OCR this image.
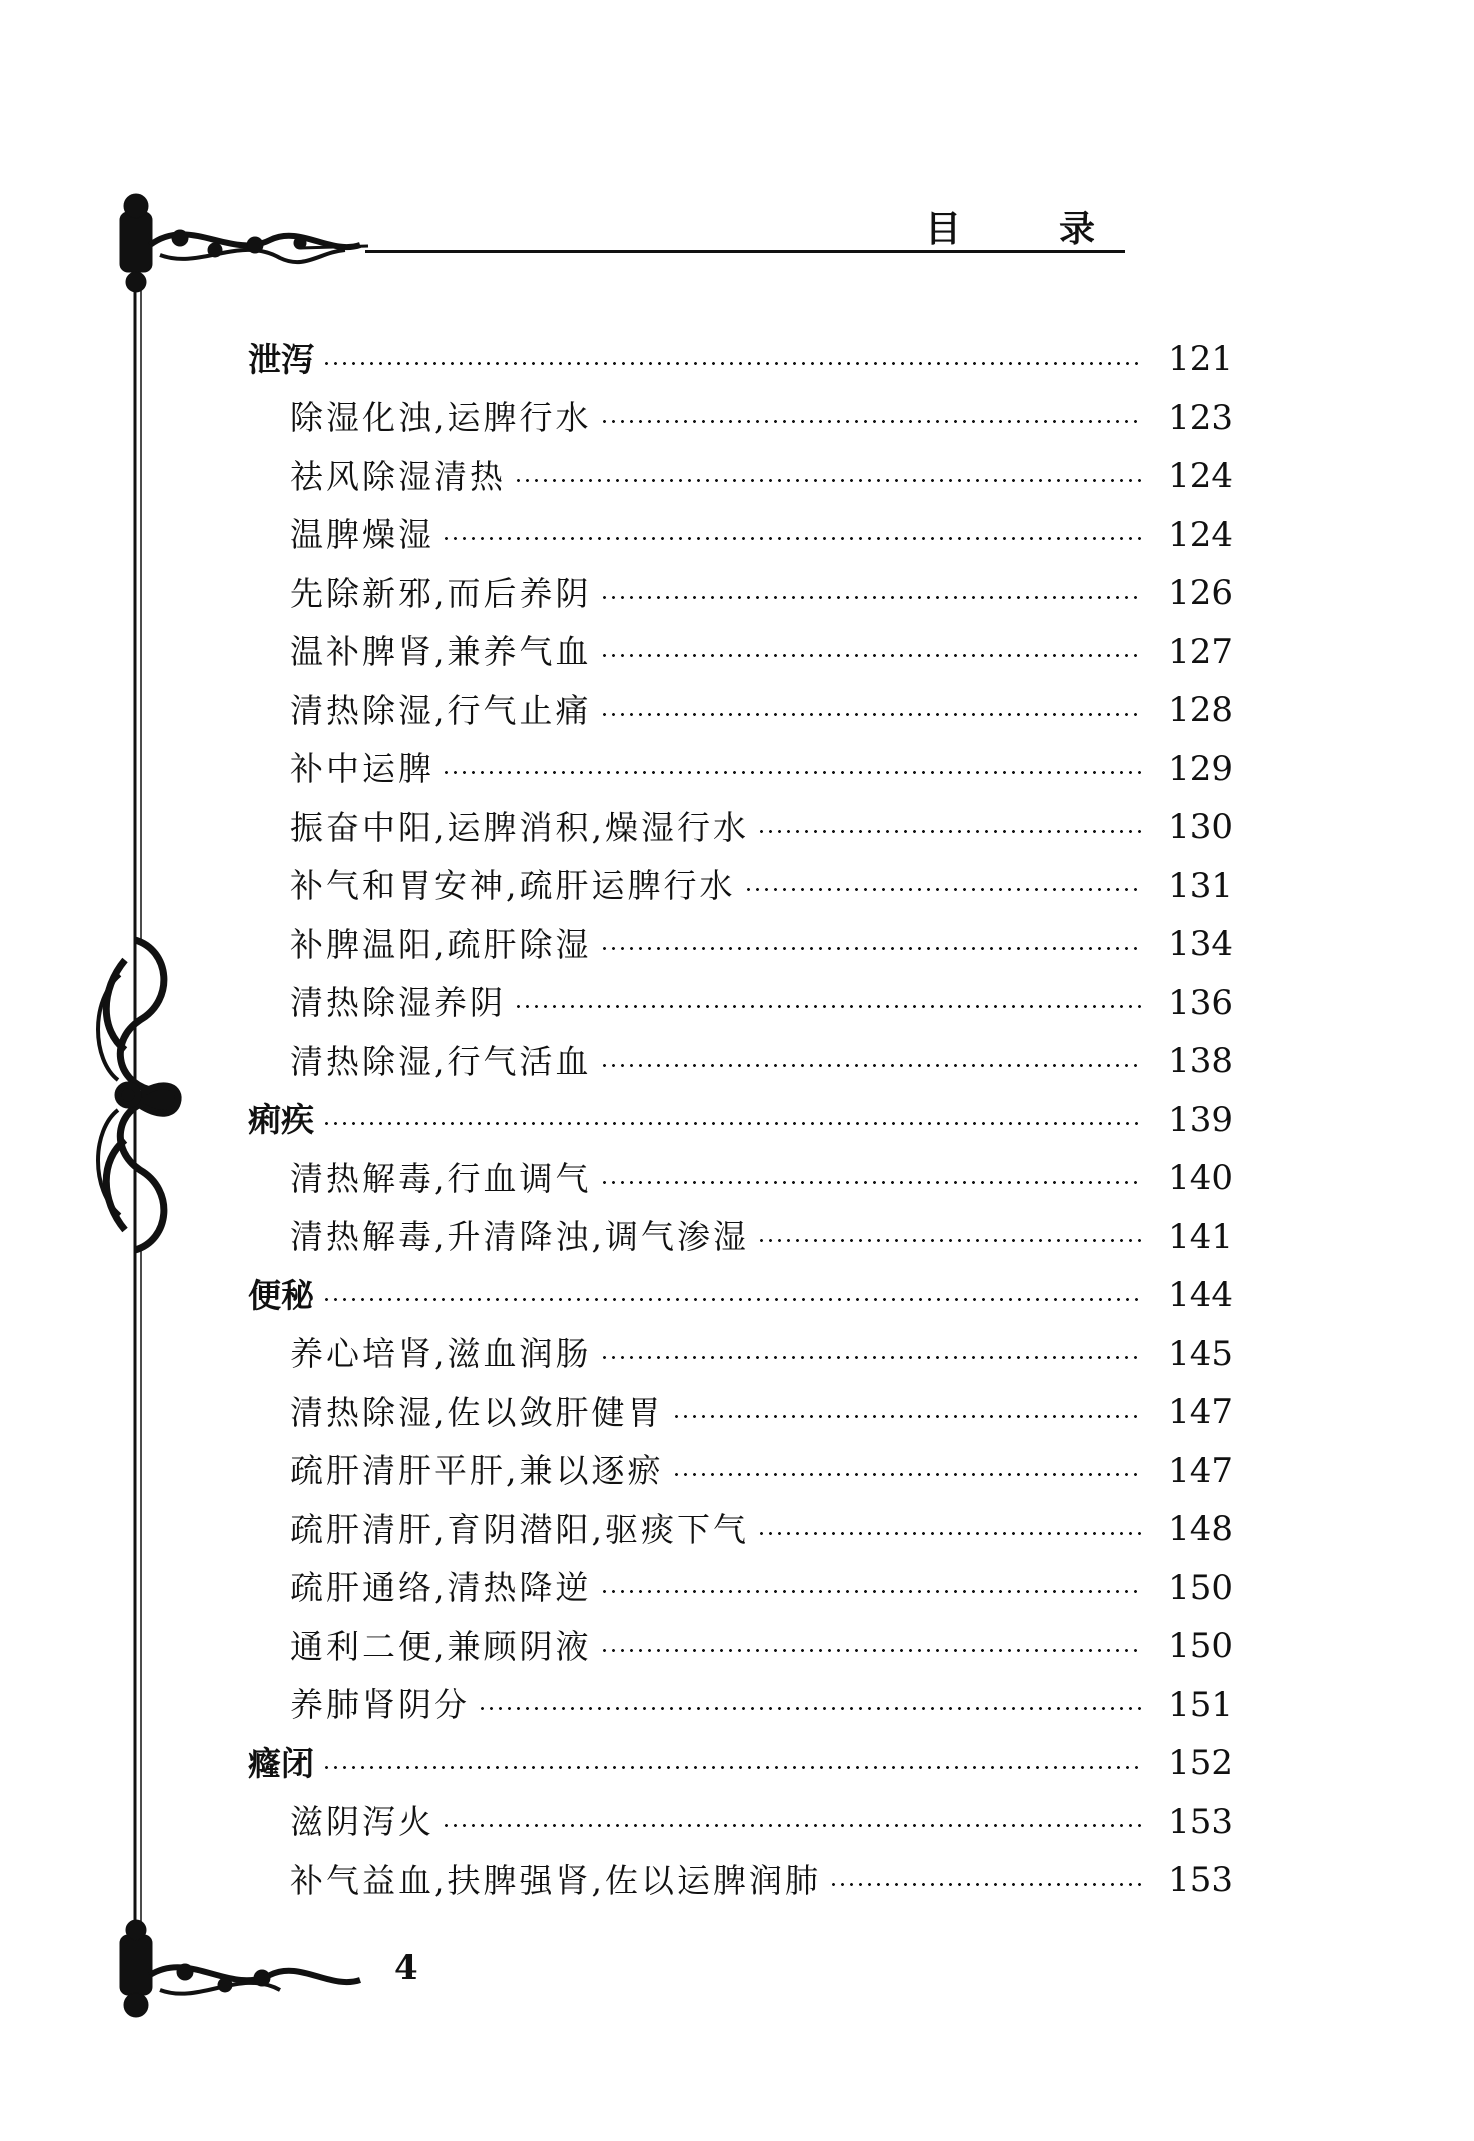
目	录
泄泻	121
除湿化浊,运脾行水	123
祛风除湿清热	124
温脾燥湿	124
先除新邪,而后养阴	126
温补脾肾,兼养气血	127
清热除湿,行气止痛	128
补中运脾	129
振奋中阳,运脾消积,燥湿行水	130
补气和胃安神,疏肝运脾行水	131
补脾温阳,疏肝除湿	134
清热除湿养阴	136
清热除湿,行气活血	138
痢疾	139
清热解毒,行血调气	140
清热解毒,升清降浊,调气渗湿	141
便秘	144
养心培肾,滋血润肠	145
清热除湿,佐以敛肝健胃	147
疏肝清肝平肝,兼以逐瘀	147
疏肝清肝,育阴潜阳,驱痰下气	148
疏肝通络,清热降逆	150
通利二便,兼顾阴液	150
养肺肾阴分	151
癃闭	152
滋阴泻火	153
补气益血,扶脾强肾,佐以运脾润肺	153
4
